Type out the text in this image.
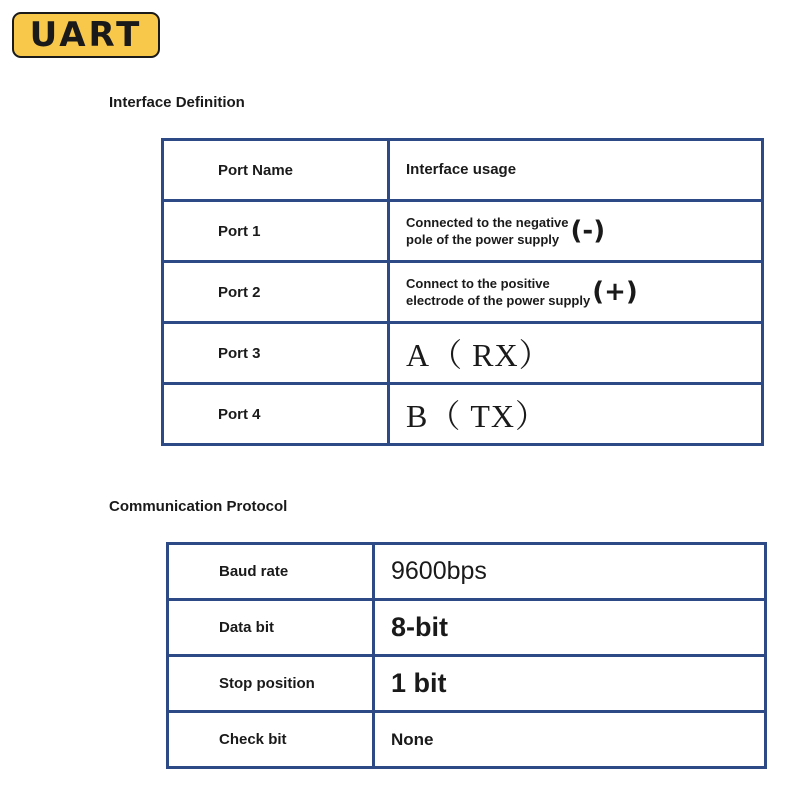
UART
Interface Definition
Port Name	Interface usage
Port 1	Connected to the negative
pole of the power supply (-)
Port 2	Connect to the positive
electrode of the power supply(+)
Port 3	A（ RX）
Port 4	B（ TX）
Communication Protocol
Baud rate	9600bps
Data bit	8-bit
Stop position	1 bit
Check bit	None
